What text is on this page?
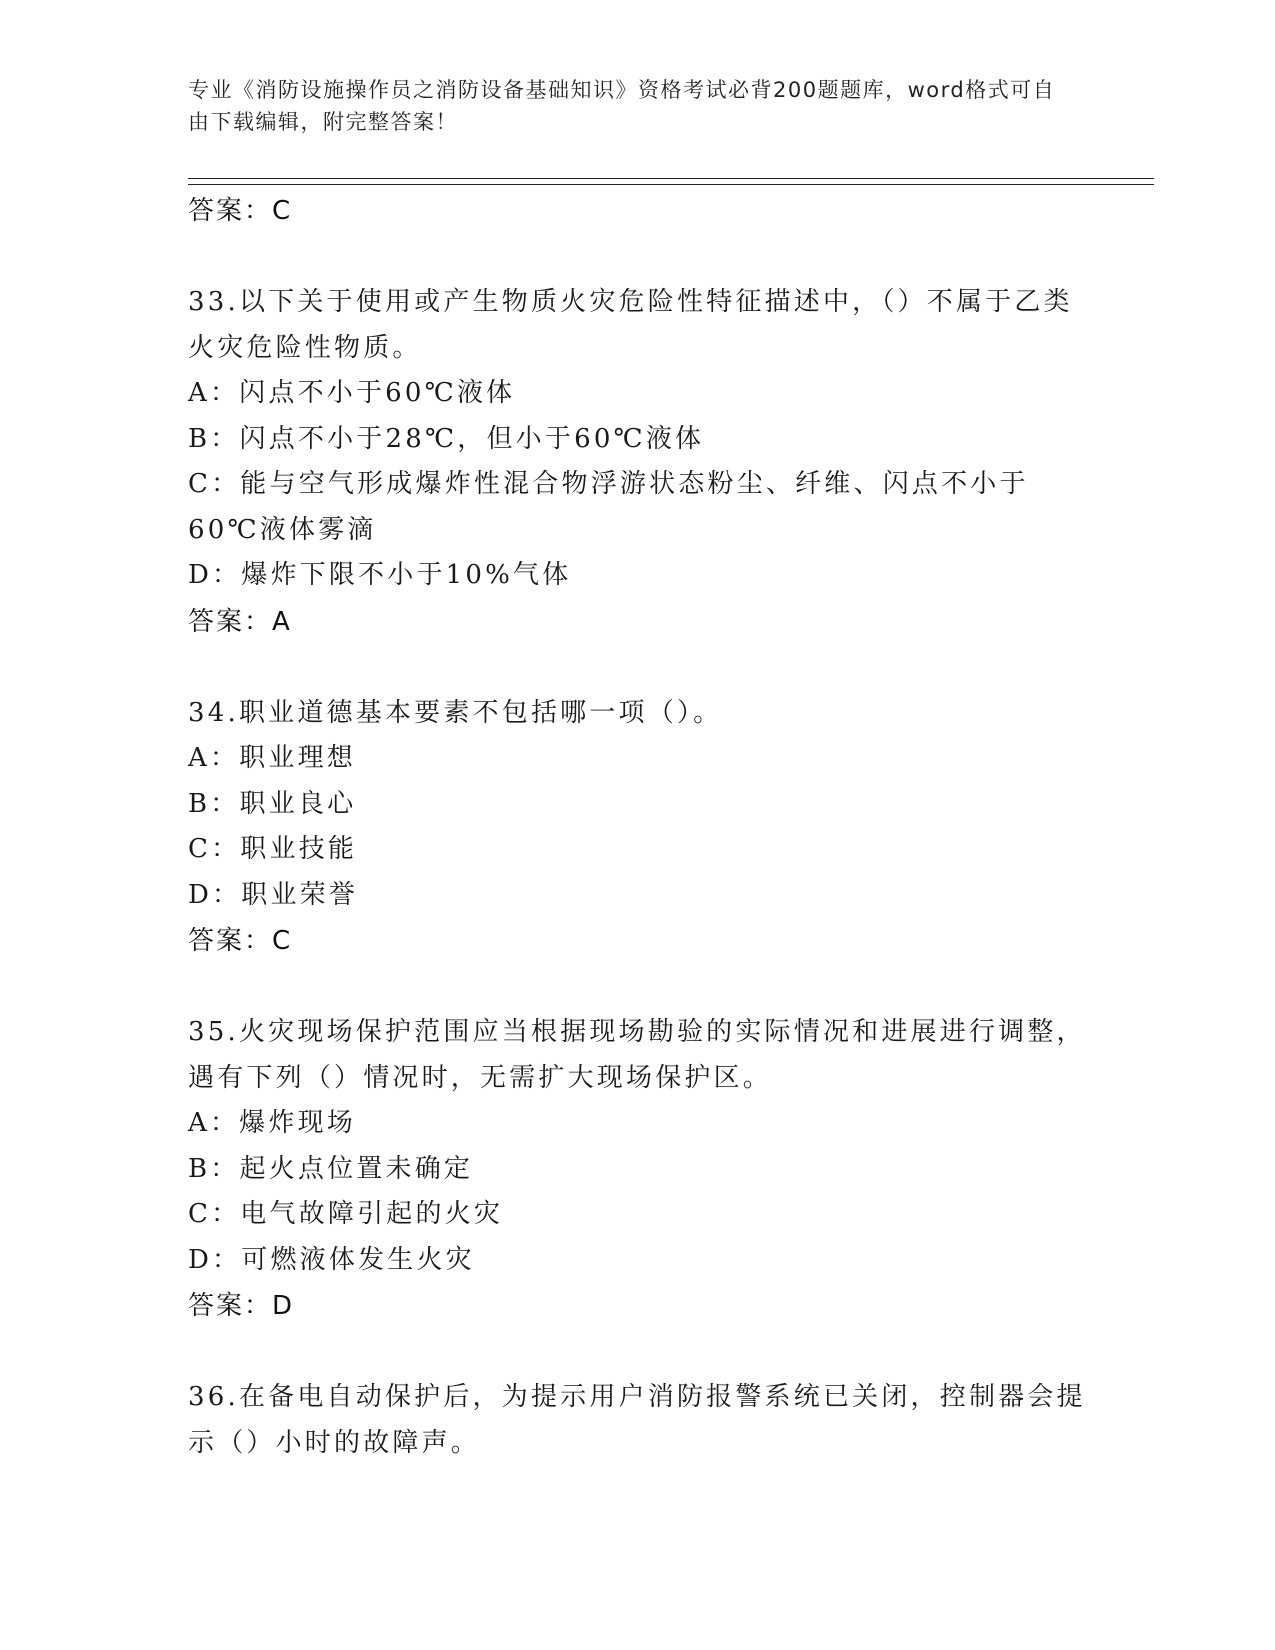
专业《消防设施操作员之消防设备基础知识》资格考试必背200题题库，word格式可自由下载编辑，附完整答案！
答案：C
33.以下关于使用或产生物质火灾危险性特征描述中，（）不属于乙类火灾危险性物质。
A：闪点不小于60℃液体
B：闪点不小于28℃，但小于60℃液体
C：能与空气形成爆炸性混合物浮游状态粉尘、纤维、闪点不小于60℃液体雾滴
D：爆炸下限不小于10%气体
答案：A
34.职业道德基本要素不包括哪一项（）。
A：职业理想
B：职业良心
C：职业技能
D：职业荣誉
答案：C
35.火灾现场保护范围应当根据现场勘验的实际情况和进展进行调整，遇有下列（）情况时，无需扩大现场保护区。
A：爆炸现场
B：起火点位置未确定
C：电气故障引起的火灾
D：可燃液体发生火灾
答案：D
36.在备电自动保护后，为提示用户消防报警系统已关闭，控制器会提示（）小时的故障声。
